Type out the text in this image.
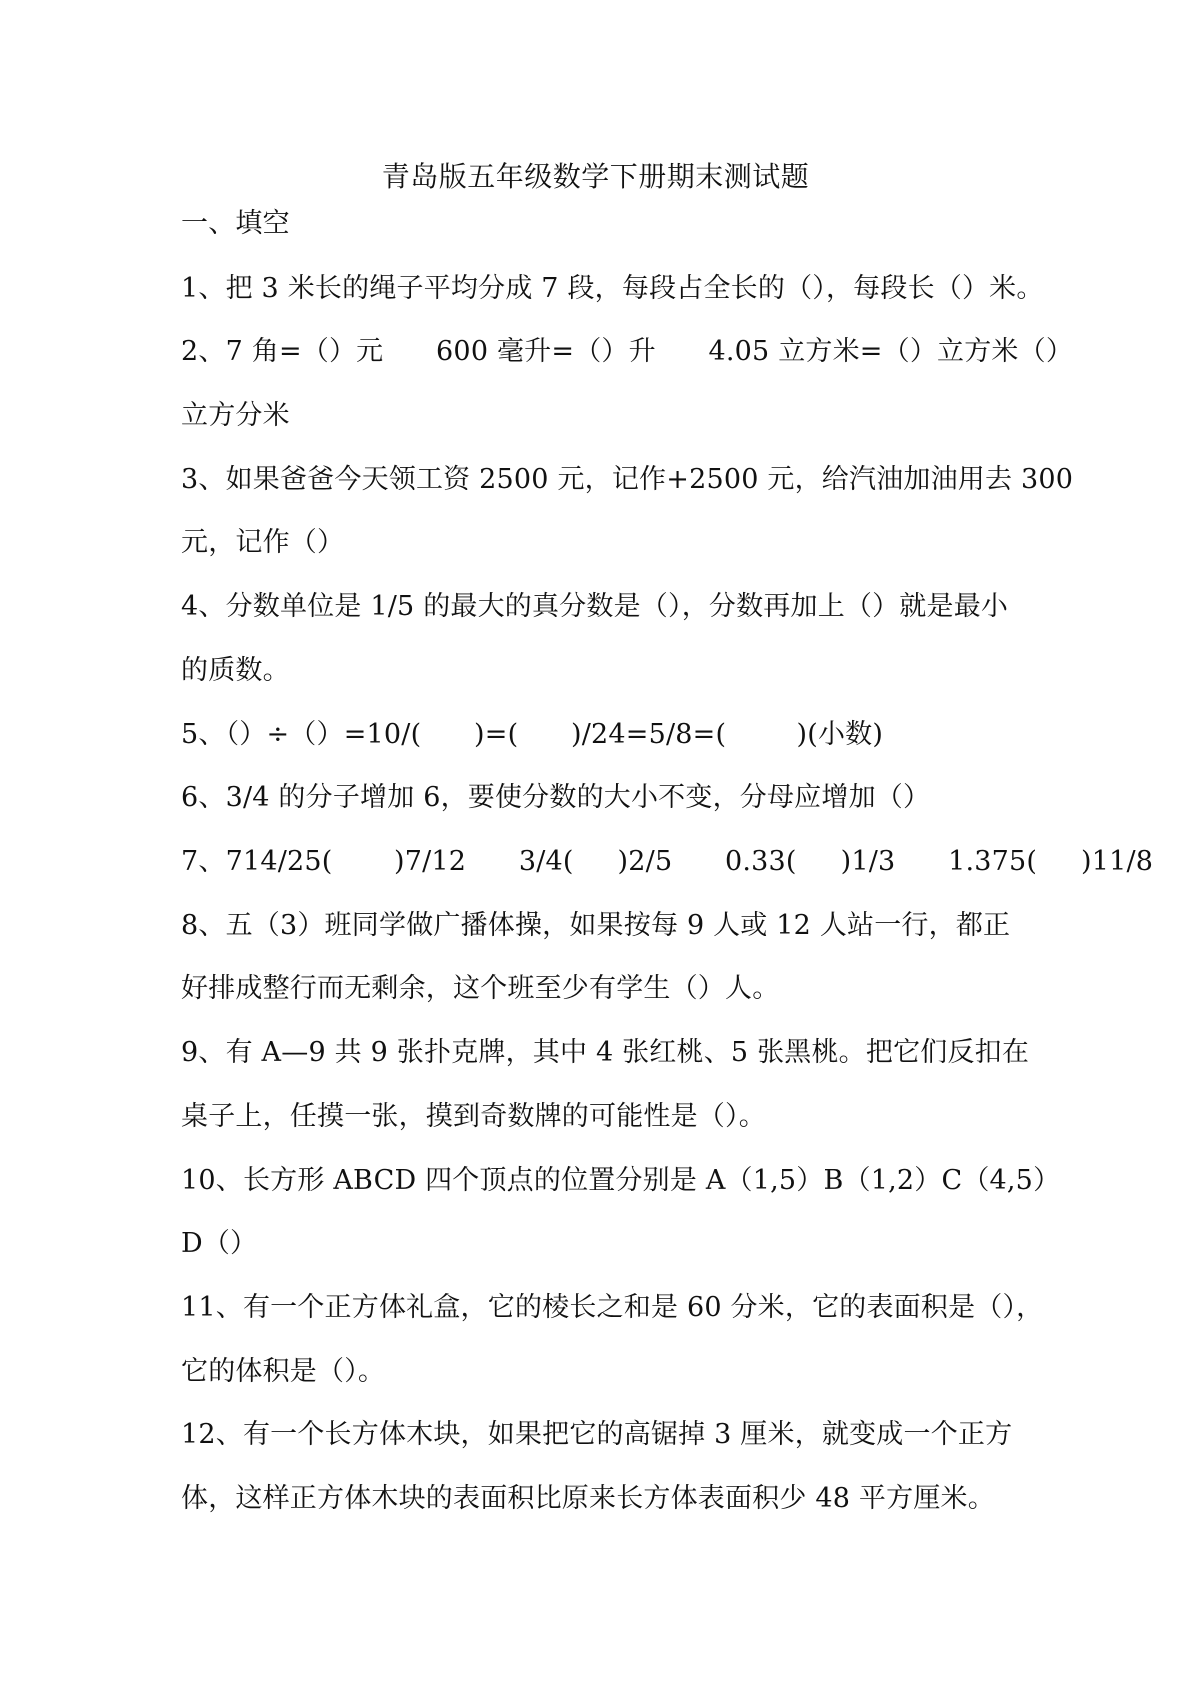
青岛版五年级数学下册期末测试题
一、填空
1、把 3 米长的绳子平均分成 7 段，每段占全长的（），每段长（）米。
2、7 角=（）元      600 毫升=（）升      4.05 立方米=（）立方米（）
立方分米
3、如果爸爸今天领工资 2500 元，记作+2500 元，给汽油加油用去 300
元，记作（）
4、分数单位是 1/5 的最大的真分数是（），分数再加上（）就是最小
的质数。
5、（）÷（）=10/(      )=(      )/24=5/8=(        )(小数)
6、3/4 的分子增加 6，要使分数的大小不变，分母应增加（）
7、714/25(       )7/12      3/4(     )2/5      0.33(     )1/3      1.375(     )11/8
8、五（3）班同学做广播体操，如果按每 9 人或 12 人站一行，都正
好排成整行而无剩余，这个班至少有学生（）人。
9、有 A—9 共 9 张扑克牌，其中 4 张红桃、5 张黑桃。把它们反扣在
桌子上，任摸一张，摸到奇数牌的可能性是（）。
10、长方形 ABCD 四个顶点的位置分别是 A（1,5）B（1,2）C（4,5）
D（）
11、有一个正方体礼盒，它的棱长之和是 60 分米，它的表面积是（），
它的体积是（）。
12、有一个长方体木块，如果把它的高锯掉 3 厘米，就变成一个正方
体，这样正方体木块的表面积比原来长方体表面积少 48 平方厘米。
